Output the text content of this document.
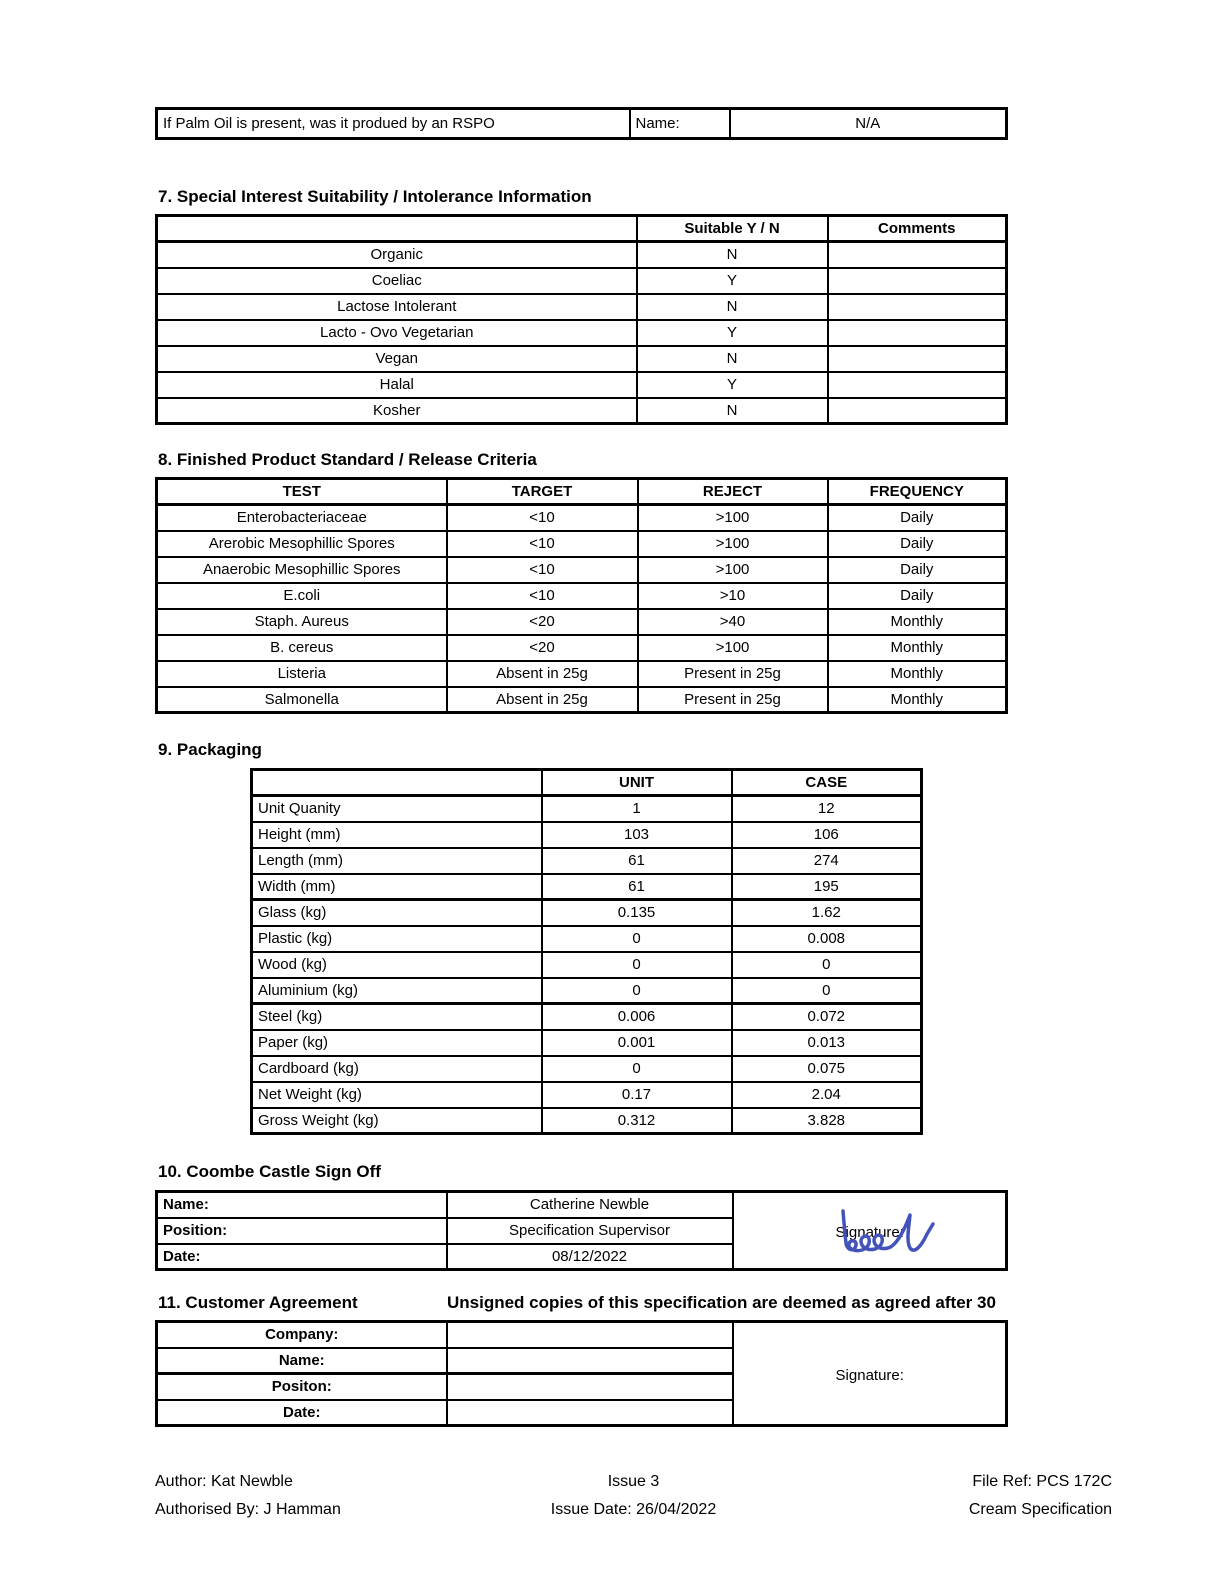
If Palm Oil is present, was it produed by an RSPO	Name:	N/A
7. Special Interest Suitability / Intolerance Information
	Suitable Y / N	Comments
Organic	N	
Coeliac	Y	
Lactose Intolerant	N	
Lacto - Ovo Vegetarian	Y	
Vegan	N	
Halal	Y	
Kosher	N	
8. Finished Product Standard / Release Criteria
TEST	TARGET	REJECT	FREQUENCY
Enterobacteriaceae	<10	>100	Daily
Arerobic Mesophillic Spores	<10	>100	Daily
Anaerobic Mesophillic Spores	<10	>100	Daily
E.coli	<10	>10	Daily
Staph. Aureus	<20	>40	Monthly
B. cereus	<20	>100	Monthly
Listeria	Absent in 25g	Present in 25g	Monthly
Salmonella	Absent in 25g	Present in 25g	Monthly
9. Packaging
	UNIT	CASE
Unit Quanity	1	12
Height (mm)	103	106
Length (mm)	61	274
Width (mm)	61	195
Glass (kg)	0.135	1.62
Plastic (kg)	0	0.008
Wood (kg)	0	0
Aluminium (kg)	0	0
Steel (kg)	0.006	0.072
Paper (kg)	0.001	0.013
Cardboard (kg)	0	0.075
Net Weight (kg)	0.17	2.04
Gross Weight (kg)	0.312	3.828
10. Coombe Castle Sign Off
Name:	Catherine Newble	Signature:

Position:	Specification Supervisor	
Date:	08/12/2022	
11. Customer Agreement	Unsigned copies of this specification are deemed as agreed after 30
Company:		Signature:

Name:		
Positon:		
Date:		
Author: Kat Newble
Authorised By: J Hamman
Issue 3
Issue Date: 26/04/2022
File Ref: PCS 172C
Cream Specification
